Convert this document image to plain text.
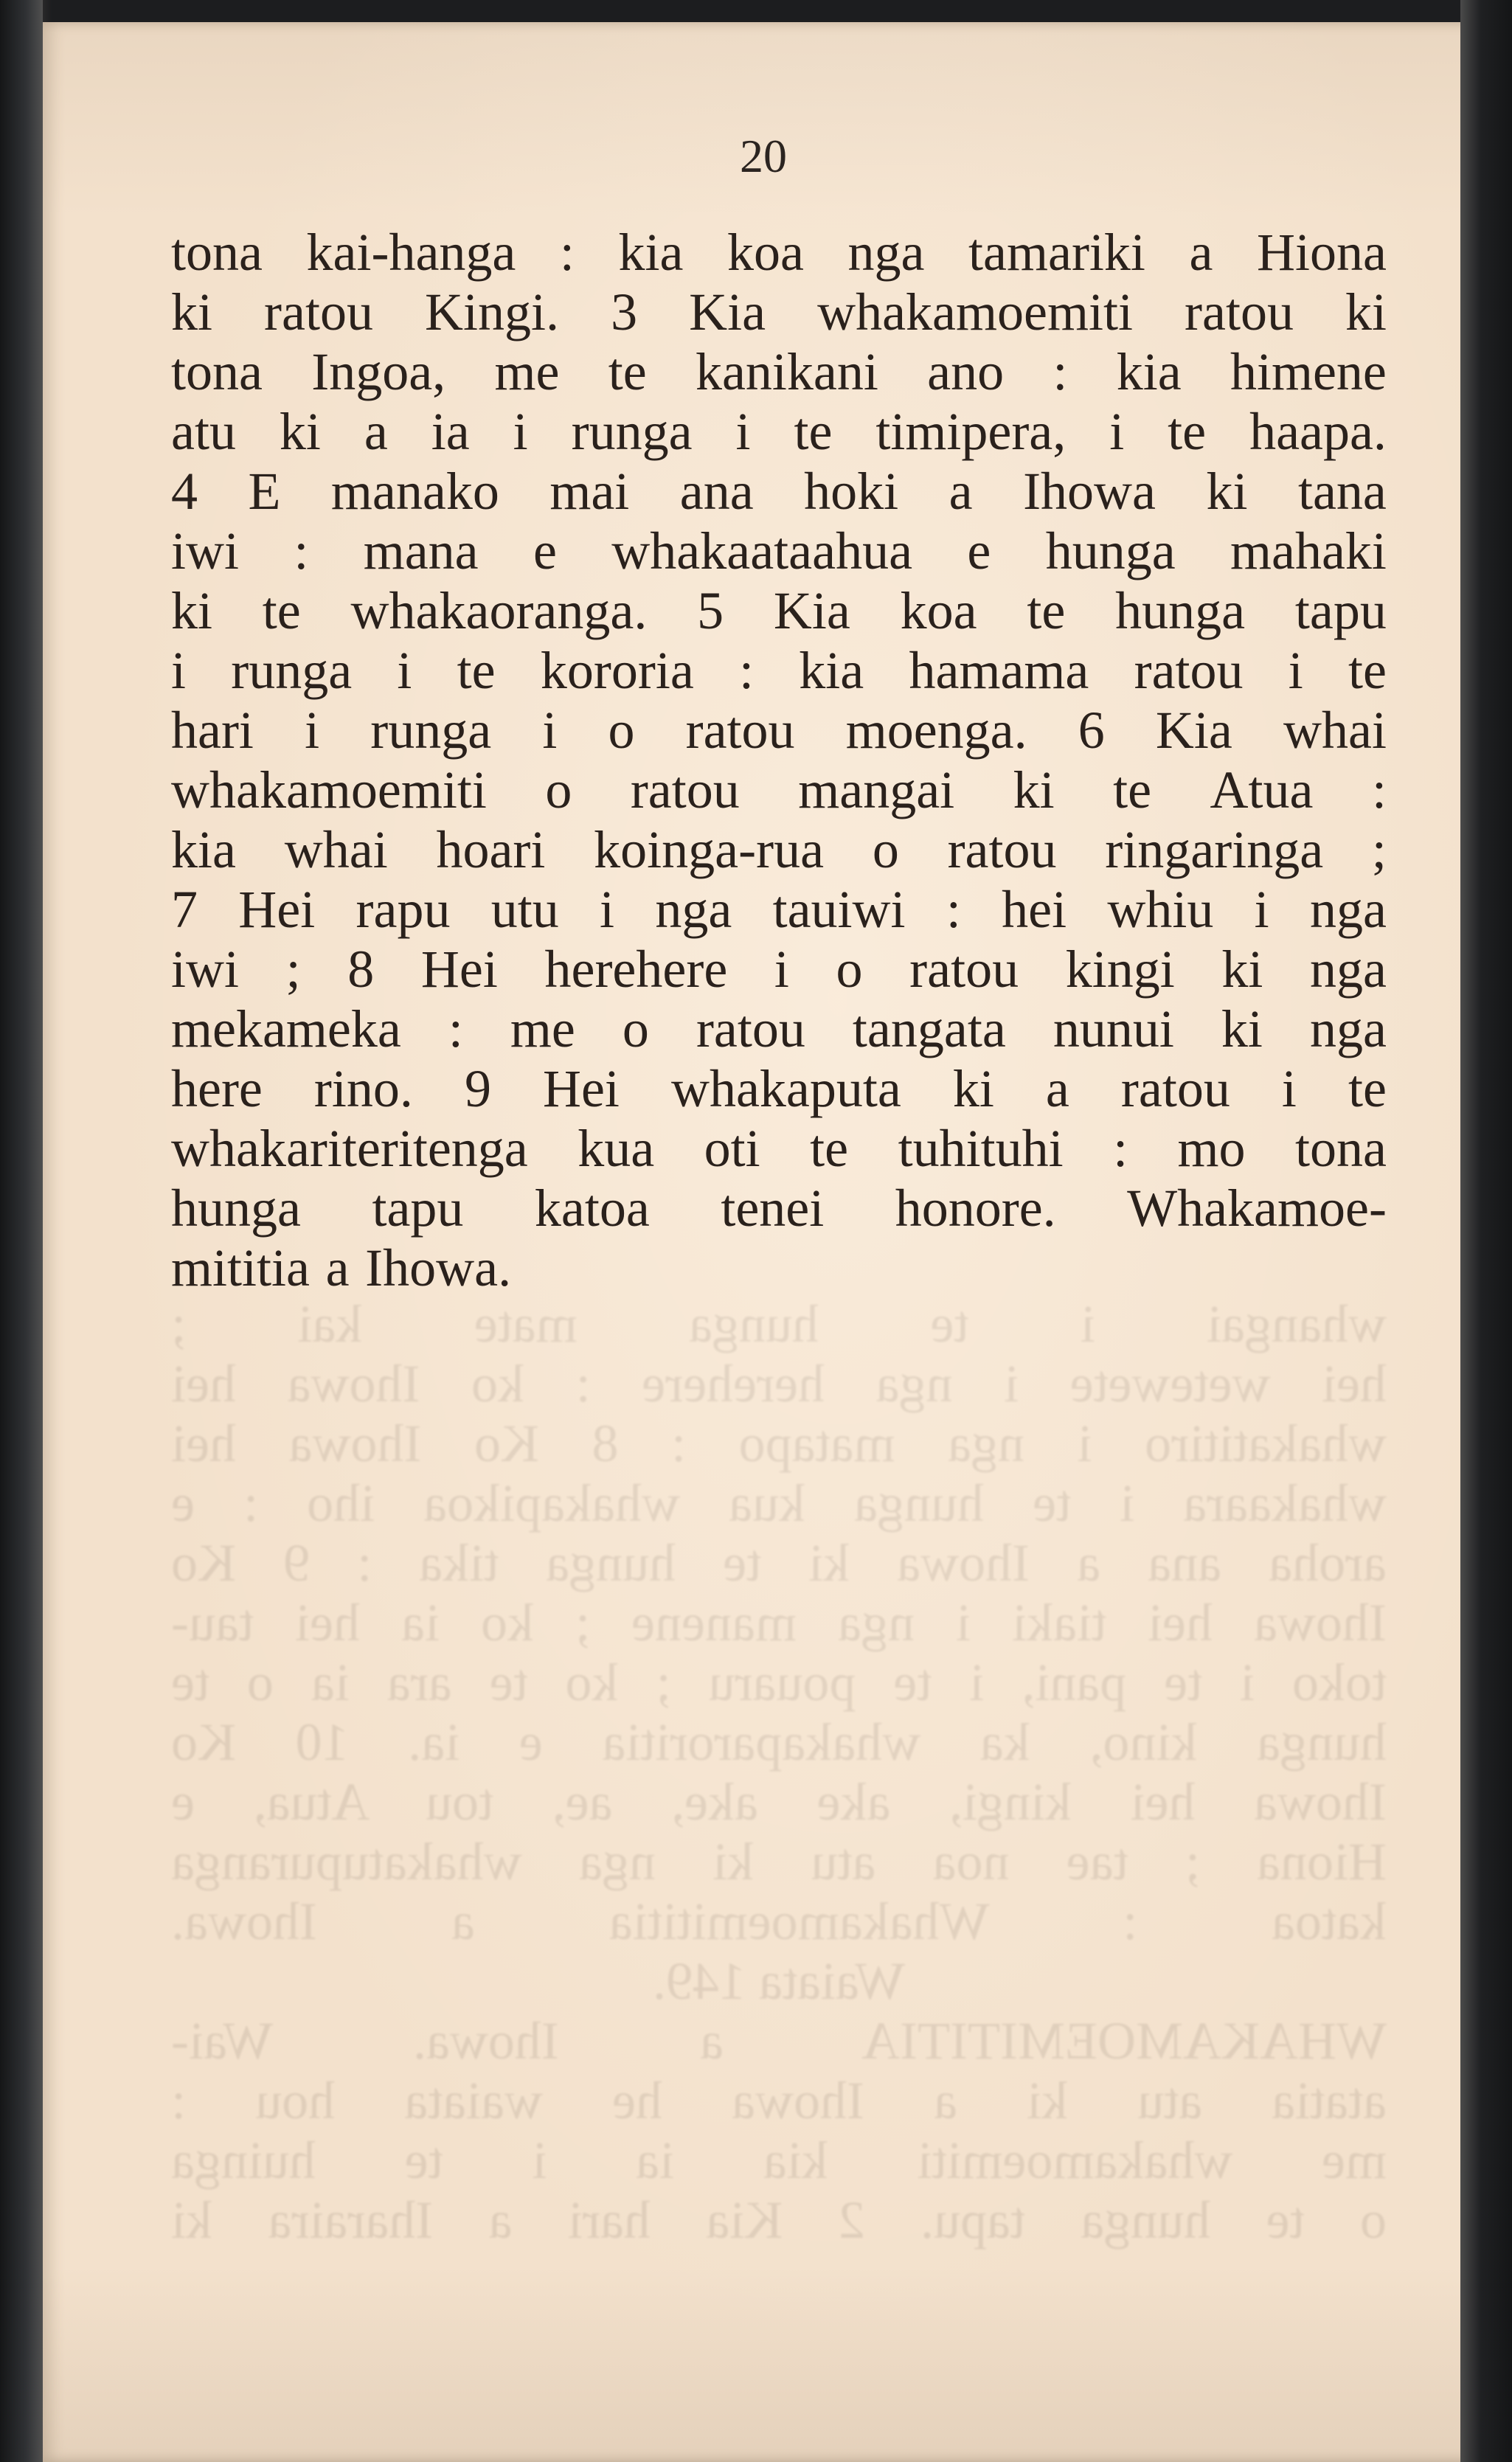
20
whangai i te hunga mate kai ;
hei wetewete i nga herehere : ko Ihowa hei
whakatitiro i nga matapo : 8 Ko Ihowa hei
whakaara i te hunga kua whakapikoa iho : e
aroha ana a Ihowa ki te hunga tika : 9 Ko
Ihowa hei tiaki i nga manene ; ko ia hei tau-
toko i te pani, i te pouaru ; ko te ara ia o te
hunga kino, ka whakaparoritia e ia. 10 Ko
Ihowa hei kingi, ake ake, ae, tou Atua, e
Hiona ; tae noa atu ki nga whakatupuranga
katoa : Whakamoemititia a Ihowa.
Waiata 149.
WHAKAMOEMITITIA a Ihowa. Wai-
atatia atu ki a Ihowa he waiata hou :
me whakamoemiti kia ia i te huinga
o te hunga tapu. 2 Kia hari a Iharaira ki
tona kai-hanga : kia koa nga tamariki a Hiona
ki ratou Kingi. 3 Kia whakamoemiti ratou ki
tona Ingoa, me te kanikani ano : kia himene
atu ki a ia i runga i te timipera, i te haapa.
4 E manako mai ana hoki a Ihowa ki tana
iwi : mana e whakaataahua e hunga mahaki
ki te whakaoranga. 5 Kia koa te hunga tapu
i runga i te kororia : kia hamama ratou i te
hari i runga i o ratou moenga. 6 Kia whai
whakamoemiti o ratou mangai ki te Atua :
kia whai hoari koinga-rua o ratou ringaringa ;
7 Hei rapu utu i nga tauiwi : hei whiu i nga
iwi ; 8 Hei herehere i o ratou kingi ki nga
mekameka : me o ratou tangata nunui ki nga
here rino. 9 Hei whakaputa ki a ratou i te
whakariteritenga kua oti te tuhituhi : mo tona
hunga tapu katoa tenei honore. Whakamoe-
mititia a Ihowa.
